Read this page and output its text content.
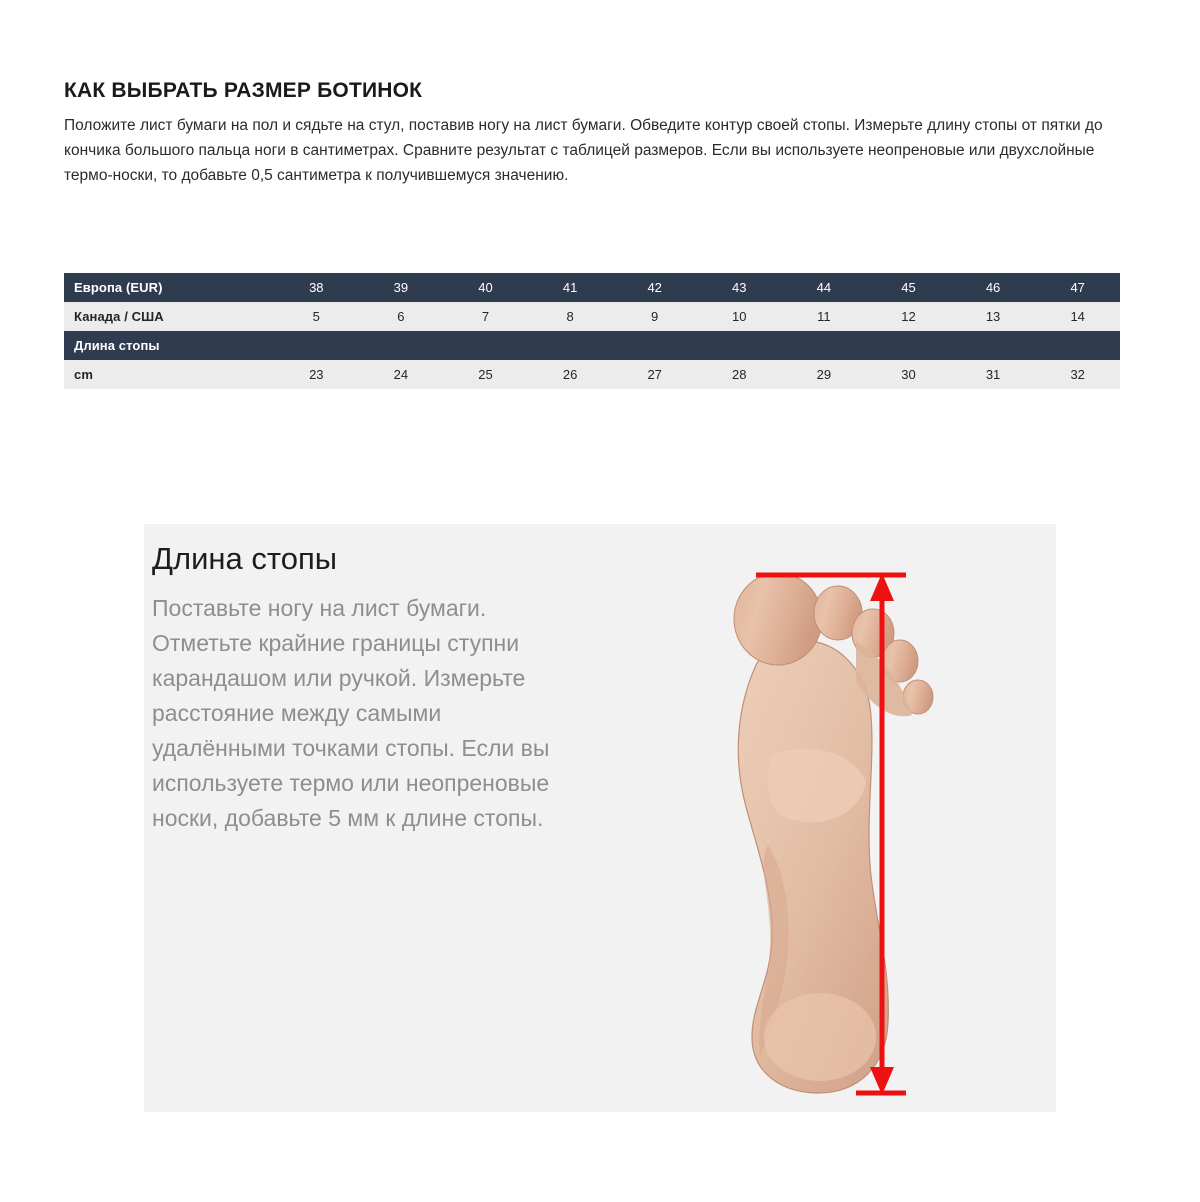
КАК ВЫБРАТЬ РАЗМЕР БОТИНОК

Положите лист бумаги на пол и сядьте на стул, поставив ногу на лист бумаги. Обведите контур своей стопы. Измерьте длину стопы от пятки до кончика большого пальца ноги в сантиметрах. Сравните результат с таблицей размеров. Если вы используете неопреновые или двухслойные термо-носки, то добавьте 0,5 сантиметра к получившемуся значению.

Европа (EUR)	38	39	40	41	42	43	44	45	46	47
Канада / США	5	6	7	8	9	10	11	12	13	14
Длина стопы										
cm	23	24	25	26	27	28	29	30	31	32
Длина стопы

Поставьте ногу на лист бумаги. Отметьте крайние границы ступни карандашом или ручкой. Измерьте расстояние между самыми удалёнными точками стопы. Если вы используете термо или неопреновые носки, добавьте 5 мм к длине стопы.
